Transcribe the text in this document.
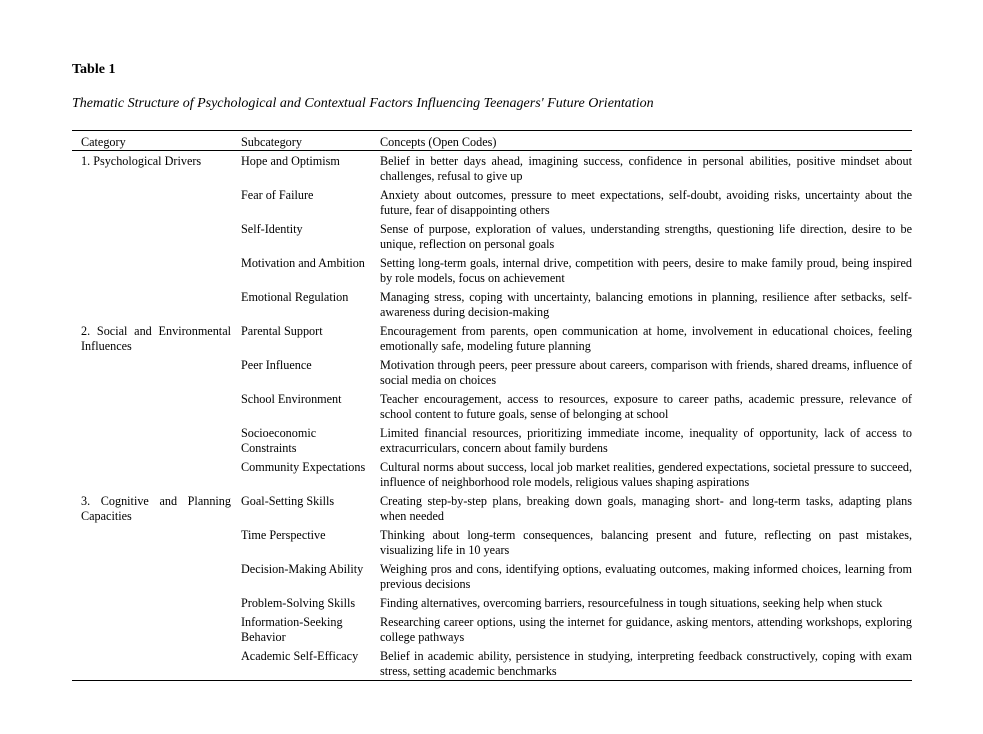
Table 1
Thematic Structure of Psychological and Contextual Factors Influencing Teenagers' Future Orientation
Category	Subcategory	Concepts (Open Codes)
1. Psychological Drivers	Hope and Optimism	Belief in better days ahead, imagining success, confidence in personal abilities, positive mindset about challenges, refusal to give up
	Fear of Failure	Anxiety about outcomes, pressure to meet expectations, self-doubt, avoiding risks, uncertainty about the future, fear of disappointing others
	Self-Identity	Sense of purpose, exploration of values, understanding strengths, questioning life direction, desire to be unique, reflection on personal goals
	Motivation and Ambition	Setting long-term goals, internal drive, competition with peers, desire to make family proud, being inspired by role models, focus on achievement
	Emotional Regulation	Managing stress, coping with uncertainty, balancing emotions in planning, resilience after setbacks, self-awareness during decision-making
2. Social and Environmental Influences	Parental Support	Encouragement from parents, open communication at home, involvement in educational choices, feeling emotionally safe, modeling future planning
	Peer Influence	Motivation through peers, peer pressure about careers, comparison with friends, shared dreams, influence of social media on choices
	School Environment	Teacher encouragement, access to resources, exposure to career paths, academic pressure, relevance of school content to future goals, sense of belonging at school
	Socioeconomic Constraints	Limited financial resources, prioritizing immediate income, inequality of opportunity, lack of access to extracurriculars, concern about family burdens
	Community Expectations	Cultural norms about success, local job market realities, gendered expectations, societal pressure to succeed, influence of neighborhood role models, religious values shaping aspirations
3. Cognitive and Planning Capacities	Goal-Setting Skills	Creating step-by-step plans, breaking down goals, managing short- and long-term tasks, adapting plans when needed
	Time Perspective	Thinking about long-term consequences, balancing present and future, reflecting on past mistakes, visualizing life in 10 years
	Decision-Making Ability	Weighing pros and cons, identifying options, evaluating outcomes, making informed choices, learning from previous decisions
	Problem-Solving Skills	Finding alternatives, overcoming barriers, resourcefulness in tough situations, seeking help when stuck
	Information-Seeking Behavior	Researching career options, using the internet for guidance, asking mentors, attending workshops, exploring college pathways
	Academic Self-Efficacy	Belief in academic ability, persistence in studying, interpreting feedback constructively, coping with exam stress, setting academic benchmarks
